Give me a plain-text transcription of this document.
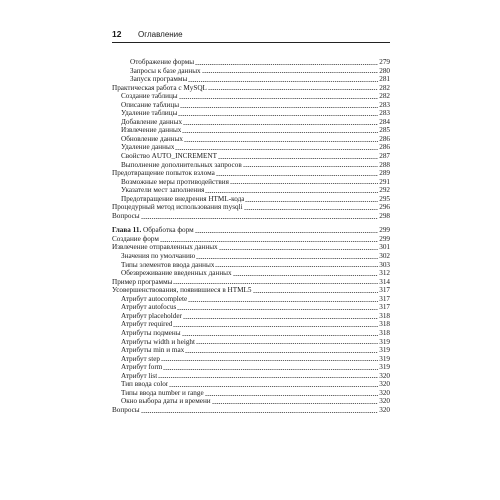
12	Оглавление
Отображение формы	279
Запросы к базе данных	280
Запуск программы	281
Практическая работа с MySQL	282
Создание таблицы	282
Описание таблицы	283
Удаление таблицы	283
Добавление данных	284
Извлечение данных	285
Обновление данных	286
Удаление данных	286
Свойство AUTO_INCREMENT	287
Выполнение дополнительных запросов	288
Предотвращение попыток взлома	289
Возможные меры противодействия	291
Указатели мест заполнения	292
Предотвращение внедрения HTML-кода	295
Процедурный метод использования mysqli	296
Вопросы	298
Глава 11. Обработка форм	299
Создание форм	299
Извлечение отправленных данных	301
Значения по умолчанию	302
Типы элементов ввода данных	303
Обезвреживание введенных данных	312
Пример программы	314
Усовершенствования, появившиеся в HTML5	317
Атрибут autocomplete	317
Атрибут autofocus	317
Атрибут placeholder	318
Атрибут required	318
Атрибуты подмены	318
Атрибуты width и height	319
Атрибуты min и max	319
Атрибут step	319
Атрибут form	319
Атрибут list	320
Тип ввода color	320
Типы ввода number и range	320
Окно выбора даты и времени	320
Вопросы	320
